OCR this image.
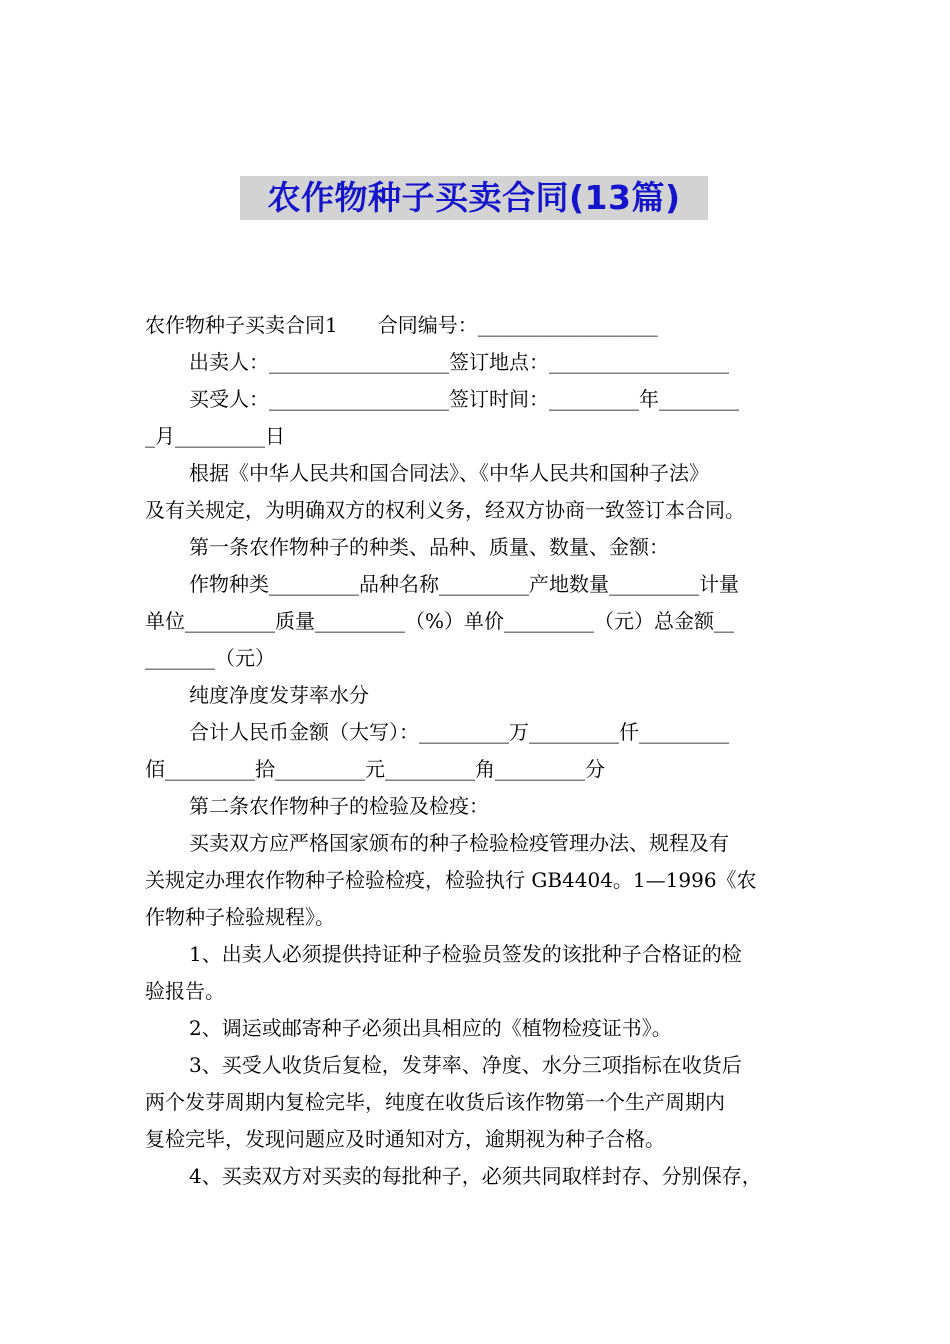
农作物种子买卖合同(13篇)
农作物种子买卖合同1　　合同编号：__________________
出卖人：__________________签订地点：__________________
买受人：__________________签订时间：_________年________
_月_________日
根据《中华人民共和国合同法》、《中华人民共和国种子法》
及有关规定，为明确双方的权利义务，经双方协商一致签订本合同。
第一条农作物种子的种类、品种、质量、数量、金额：
作物种类_________品种名称_________产地数量_________计量
单位_________质量_________（%）单价_________（元）总金额__
_______（元）
纯度净度发芽率水分
合计人民币金额（大写）：_________万_________仟_________
佰_________拾_________元_________角_________分
第二条农作物种子的检验及检疫：
买卖双方应严格国家颁布的种子检验检疫管理办法、规程及有
关规定办理农作物种子检验检疫，检验执行 GB4404。1—1996《农
作物种子检验规程》。
1、出卖人必须提供持证种子检验员签发的该批种子合格证的检
验报告。
2、调运或邮寄种子必须出具相应的《植物检疫证书》。
3、买受人收货后复检，发芽率、净度、水分三项指标在收货后
两个发芽周期内复检完毕，纯度在收货后该作物第一个生产周期内
复检完毕，发现问题应及时通知对方，逾期视为种子合格。
4、买卖双方对买卖的每批种子，必须共同取样封存、分别保存，
